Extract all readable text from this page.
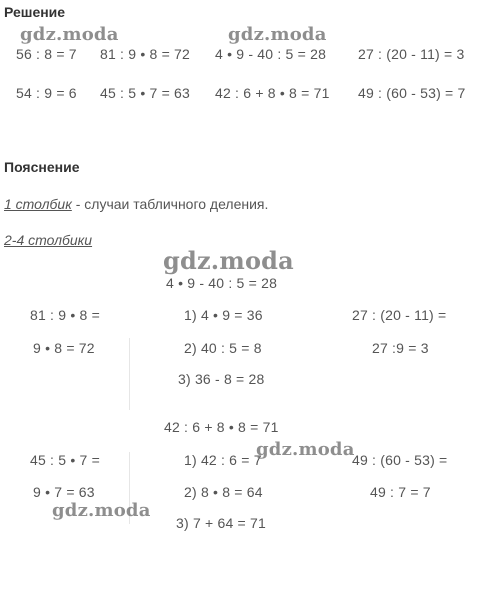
Решение
56 : 8 = 7 81 : 9 • 8 = 72 4 • 9 - 40 : 5 = 28 27 : (20 - 11) = 3
54 : 9 = 6 45 : 5 • 7 = 63 42 : 6 + 8 • 8 = 71 49 : (60 - 53) = 7
Пояснение
1 столбик - случаи табличного деления.
2-4 столбики
4 • 9 - 40 : 5 = 28
81 : 9 • 8 =
9 • 8 = 72
1) 4 • 9 = 36
2) 40 : 5 = 8
3) 36 - 8 = 28
27 : (20 - 11) =
27 :9 = 3
42 : 6 + 8 • 8 = 71
45 : 5 • 7 =
9 • 7 = 63
1) 42 : 6 = 7
2) 8 • 8 = 64
3) 7 + 64 = 71
49 : (60 - 53) =
49 : 7 = 7
gdz.moda	gdz.moda
gdz.moda
gdz.moda
gdz.moda
